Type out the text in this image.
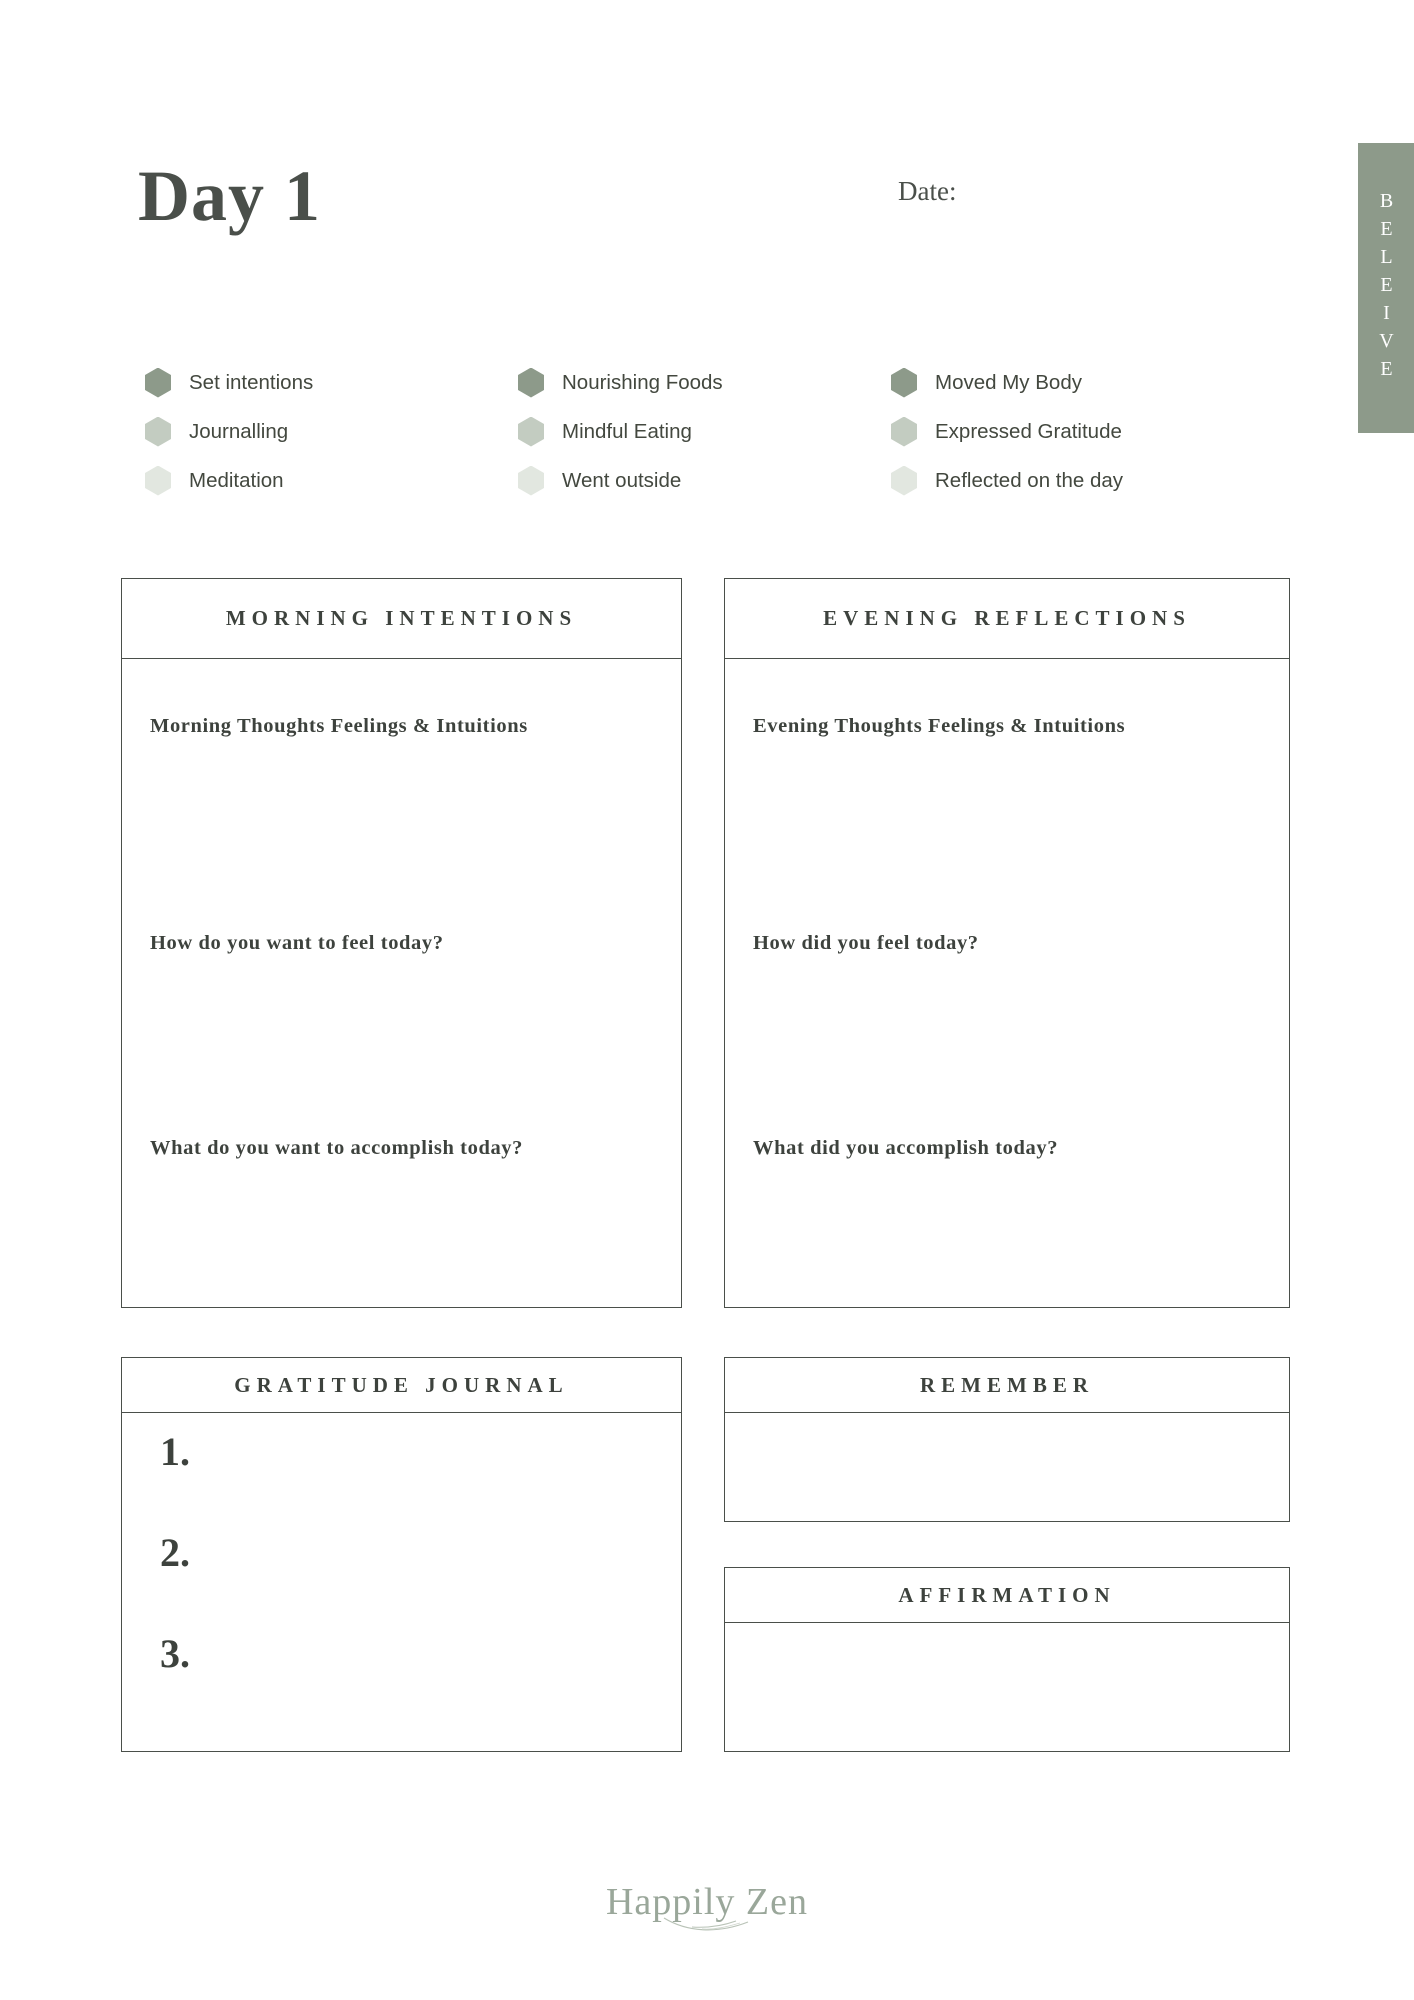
Day 1	Date:	BELEIVE
Set intentions
Journalling
Meditation
Nourishing Foods
Mindful Eating
Went outside
Moved My Body
Expressed Gratitude
Reflected on the day
MORNING INTENTIONS
Morning Thoughts Feelings & Intuitions
How do you want to feel today?
What do you want to accomplish today?
EVENING REFLECTIONS
Evening Thoughts Feelings & Intuitions
How did you feel today?
What did you accomplish today?
GRATITUDE JOURNAL
1.
2.
3.
REMEMBER
AFFIRMATION
Happily Zen
